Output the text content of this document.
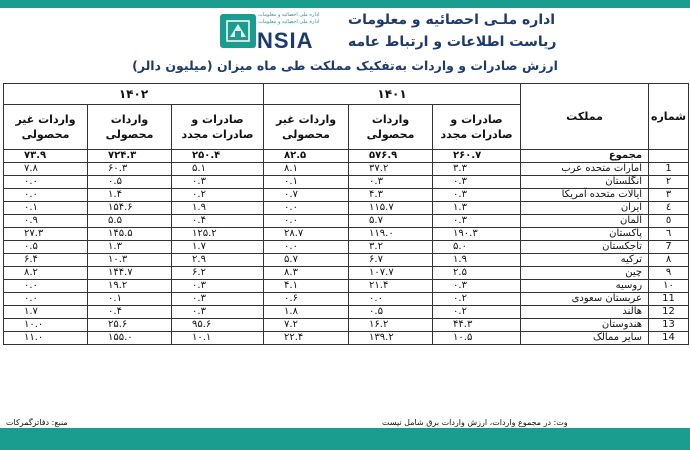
اداره ملی احصائیه و معلومات
اداره ملی احصائیه و معلومات
NSIA
اداره ملـی احصائیه و معلومات
ریاست اطلاعات و ارتباط عامه
ارزش صادرات و واردات به‌تفکیک مملکت طی ماه میزان (میلیون دالر)
شماره	مملکت	۱۴۰۱			۱۴۰۲		
		صادرات و صادرات مجدد	واردات محصولی	واردات غیر محصولی	صادرات و صادرات مجدد	واردات محصولی	واردات غیر محصولی
	مجموع	۲۶۰.۷	۵۷۶.۹	۸۲.۵	۲۵۰.۴	۷۲۴.۳	۷۳.۹
1	امارات متحده عرب	۳.۳	۳۷.۲	۸.۱	۵.۱	۶۰.۳	۷.۸
۲	انگلستان	۰.۳	۰.۳	۰.۱	۰.۳	۰.۵	۰.۰
۳	ایالات متحده آمریکا	۰.۳	۴.۳	۰.۷	۰.۲	۱.۴	۰.۰
٤	ایران	۱.۳	۱۱۵.۷	۰.۰	۱.۹	۱۵۴.۶	۰.۱
٥	آلمان	۰.۳	۵.۷	۰.۰	۰.۴	۵.۵	۰.۹
٦	پاکستان	۱۹۰.۳	۱۱۹.۰	۲۸.۷	۱۲۵.۲	۱۴۵.۵	۲۷.۳
7	تاجکستان	۵.۰	۳.۲	۰.۰	۱.۷	۱.۳	۰.۵
۸	ترکیه	۱.۹	۶.۷	۵.۷	۲.۹	۱۰.۳	۶.۴
۹	چین	۲.۵	۱۰۷.۷	۸.۳	۶.۲	۱۴۴.۷	۸.۲
۱۰	روسیه	۰.۳	۲۱.۴	۴.۱	۰.۳	۱۹.۲	۰.۰
11	عربستان سعودی	۰.۲	۰.۰	۰.۶	۰.۳	۰.۱	۰.۰
12	هالند	۰.۲	۰.۵	۱.۸	۰.۳	۰.۴	۱.۷
13	هندوستان	۴۴.۳	۱۶.۲	۷.۲	۹۵.۶	۲۵.۶	۱۰.۰
14	سایر ممالک	۱۰.۵	۱۳۹.۲	۲۲.۴	۱۰.۱	۱۵۵.۰	۱۱.۰
وت: در مجموع واردات، ارزش واردات برق شامل نیست
منبع: دفاترگمرکات
